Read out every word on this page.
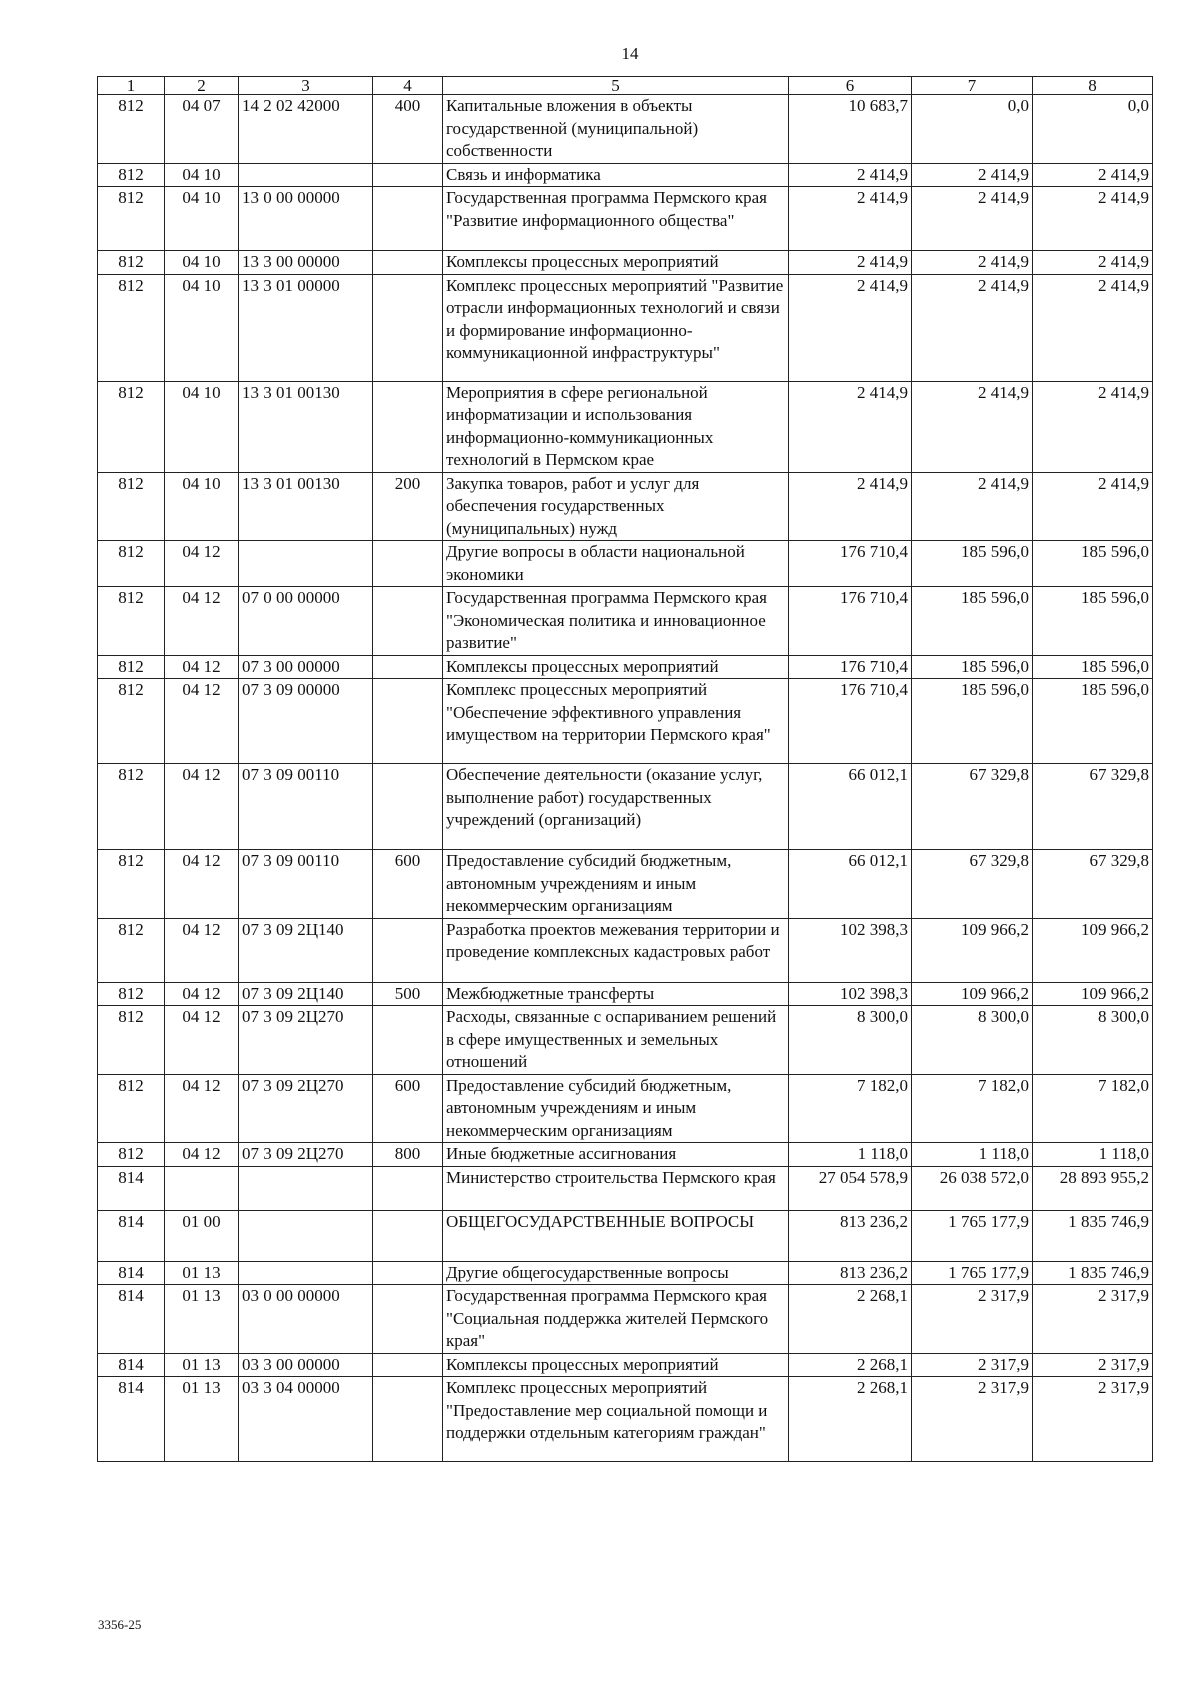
14
1	2	3	4	5	6	7	8
812	04 07	14 2 02 42000	400	Капитальные вложения в объекты государственной (муниципальной) собственности	10 683,7	0,0	0,0
812	04 10			Связь и информатика	2 414,9	2 414,9	2 414,9
812	04 10	13 0 00 00000		Государственная программа Пермского края "Развитие информационного общества"	2 414,9	2 414,9	2 414,9
812	04 10	13 3 00 00000		Комплексы процессных мероприятий	2 414,9	2 414,9	2 414,9
812	04 10	13 3 01 00000		Комплекс процессных мероприятий "Развитие отрасли информационных технологий и связи и формирование информационно-коммуникационной инфраструктуры"	2 414,9	2 414,9	2 414,9
812	04 10	13 3 01 00130		Мероприятия в сфере региональной информатизации и использования информационно-коммуникационных технологий в Пермском крае	2 414,9	2 414,9	2 414,9
812	04 10	13 3 01 00130	200	Закупка товаров, работ и услуг для обеспечения государственных (муниципальных) нужд	2 414,9	2 414,9	2 414,9
812	04 12			Другие вопросы в области национальной экономики	176 710,4	185 596,0	185 596,0
812	04 12	07 0 00 00000		Государственная программа Пермского края "Экономическая политика и инновационное развитие"	176 710,4	185 596,0	185 596,0
812	04 12	07 3 00 00000		Комплексы процессных мероприятий	176 710,4	185 596,0	185 596,0
812	04 12	07 3 09 00000		Комплекс процессных мероприятий "Обеспечение эффективного управления имуществом на территории Пермского края"	176 710,4	185 596,0	185 596,0
812	04 12	07 3 09 00110		Обеспечение деятельности (оказание услуг, выполнение работ) государственных учреждений (организаций)	66 012,1	67 329,8	67 329,8
812	04 12	07 3 09 00110	600	Предоставление субсидий бюджетным, автономным учреждениям и иным некоммерческим организациям	66 012,1	67 329,8	67 329,8
812	04 12	07 3 09 2Ц140		Разработка проектов межевания территории и проведение комплексных кадастровых работ	102 398,3	109 966,2	109 966,2
812	04 12	07 3 09 2Ц140	500	Межбюджетные трансферты	102 398,3	109 966,2	109 966,2
812	04 12	07 3 09 2Ц270		Расходы, связанные с оспариванием решений в сфере имущественных и земельных отношений	8 300,0	8 300,0	8 300,0
812	04 12	07 3 09 2Ц270	600	Предоставление субсидий бюджетным, автономным учреждениям и иным некоммерческим организациям	7 182,0	7 182,0	7 182,0
812	04 12	07 3 09 2Ц270	800	Иные бюджетные ассигнования	1 118,0	1 118,0	1 118,0
814				Министерство строительства Пермского края	27 054 578,9	26 038 572,0	28 893 955,2
814	01 00			ОБЩЕГОСУДАРСТВЕННЫЕ ВОПРОСЫ	813 236,2	1 765 177,9	1 835 746,9
814	01 13			Другие общегосударственные вопросы	813 236,2	1 765 177,9	1 835 746,9
814	01 13	03 0 00 00000		Государственная программа Пермского края "Социальная поддержка жителей Пермского края"	2 268,1	2 317,9	2 317,9
814	01 13	03 3 00 00000		Комплексы процессных мероприятий	2 268,1	2 317,9	2 317,9
814	01 13	03 3 04 00000		Комплекс процессных мероприятий "Предоставление мер социальной помощи и поддержки отдельным категориям граждан"	2 268,1	2 317,9	2 317,9
3356-25
